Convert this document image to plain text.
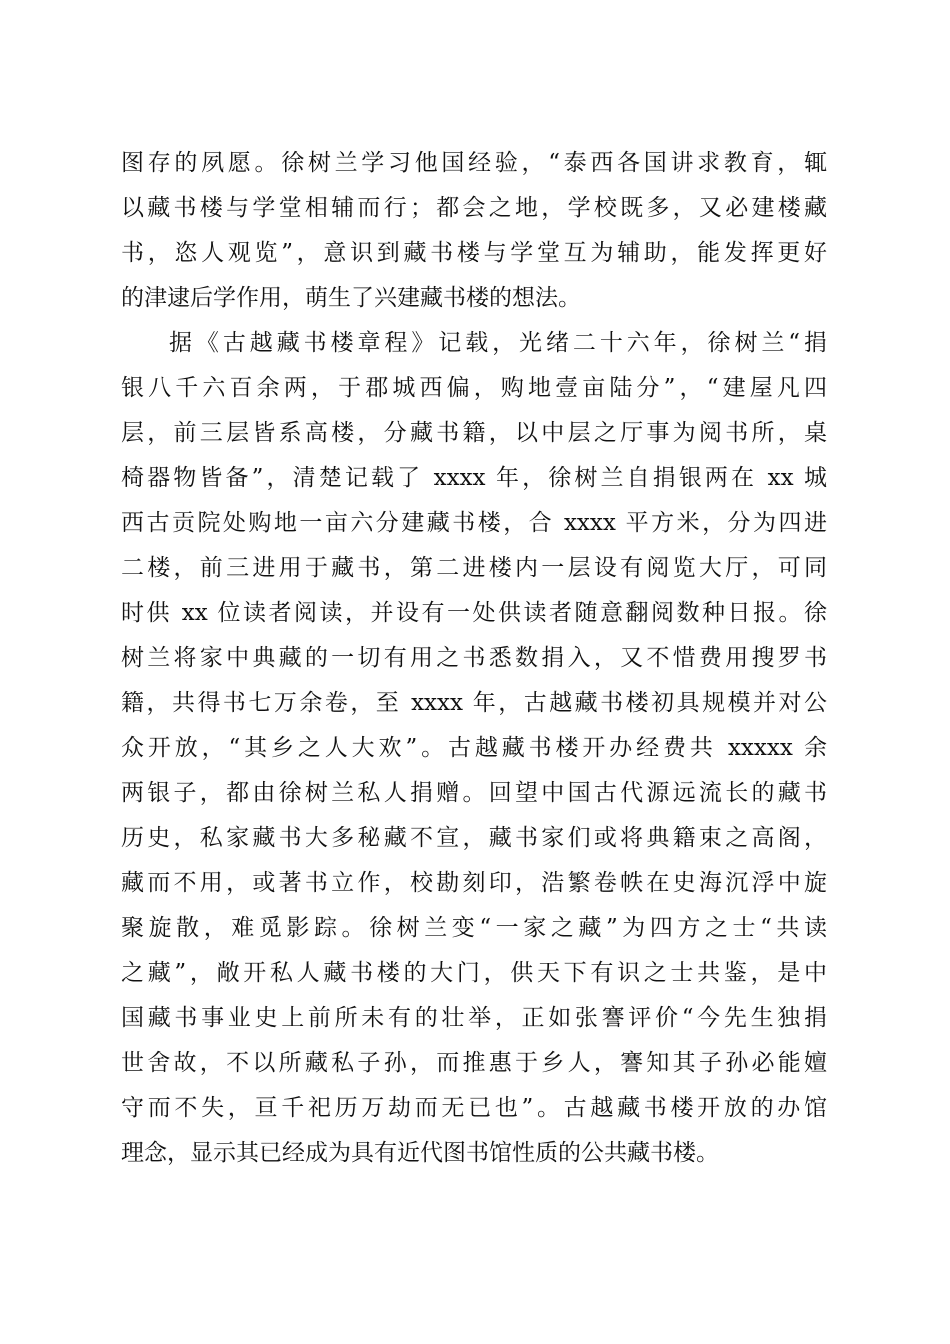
图存的夙愿。徐树兰学习他国经验，“泰西各国讲求教育，辄
以藏书楼与学堂相辅而行；都会之地，学校既多，又必建楼藏
书，恣人观览”，意识到藏书楼与学堂互为辅助，能发挥更好
的津逮后学作用，萌生了兴建藏书楼的想法。
据《古越藏书楼章程》记载，光绪二十六年，徐树兰“捐
银八千六百余两，于郡城西偏，购地壹亩陆分”，“建屋凡四
层，前三层皆系高楼，分藏书籍，以中层之厅事为阅书所，桌
椅器物皆备”，清楚记载了 xxxx 年，徐树兰自捐银两在 xx 城
西古贡院处购地一亩六分建藏书楼，合 xxxx 平方米，分为四进
二楼，前三进用于藏书，第二进楼内一层设有阅览大厅，可同
时供 xx 位读者阅读，并设有一处供读者随意翻阅数种日报。徐
树兰将家中典藏的一切有用之书悉数捐入，又不惜费用搜罗书
籍，共得书七万余卷，至 xxxx 年，古越藏书楼初具规模并对公
众开放，“其乡之人大欢”。古越藏书楼开办经费共 xxxxx 余
两银子，都由徐树兰私人捐赠。回望中国古代源远流长的藏书
历史，私家藏书大多秘藏不宣，藏书家们或将典籍束之高阁，
藏而不用，或著书立作，校勘刻印，浩繁卷帙在史海沉浮中旋
聚旋散，难觅影踪。徐树兰变“一家之藏”为四方之士“共读
之藏”，敞开私人藏书楼的大门，供天下有识之士共鉴，是中
国藏书事业史上前所未有的壮举，正如张謇评价“今先生独捐
世舍故，不以所藏私子孙，而推惠于乡人，謇知其子孙必能嬗
守而不失，亘千祀历万劫而无已也”。古越藏书楼开放的办馆
理念，显示其已经成为具有近代图书馆性质的公共藏书楼。
